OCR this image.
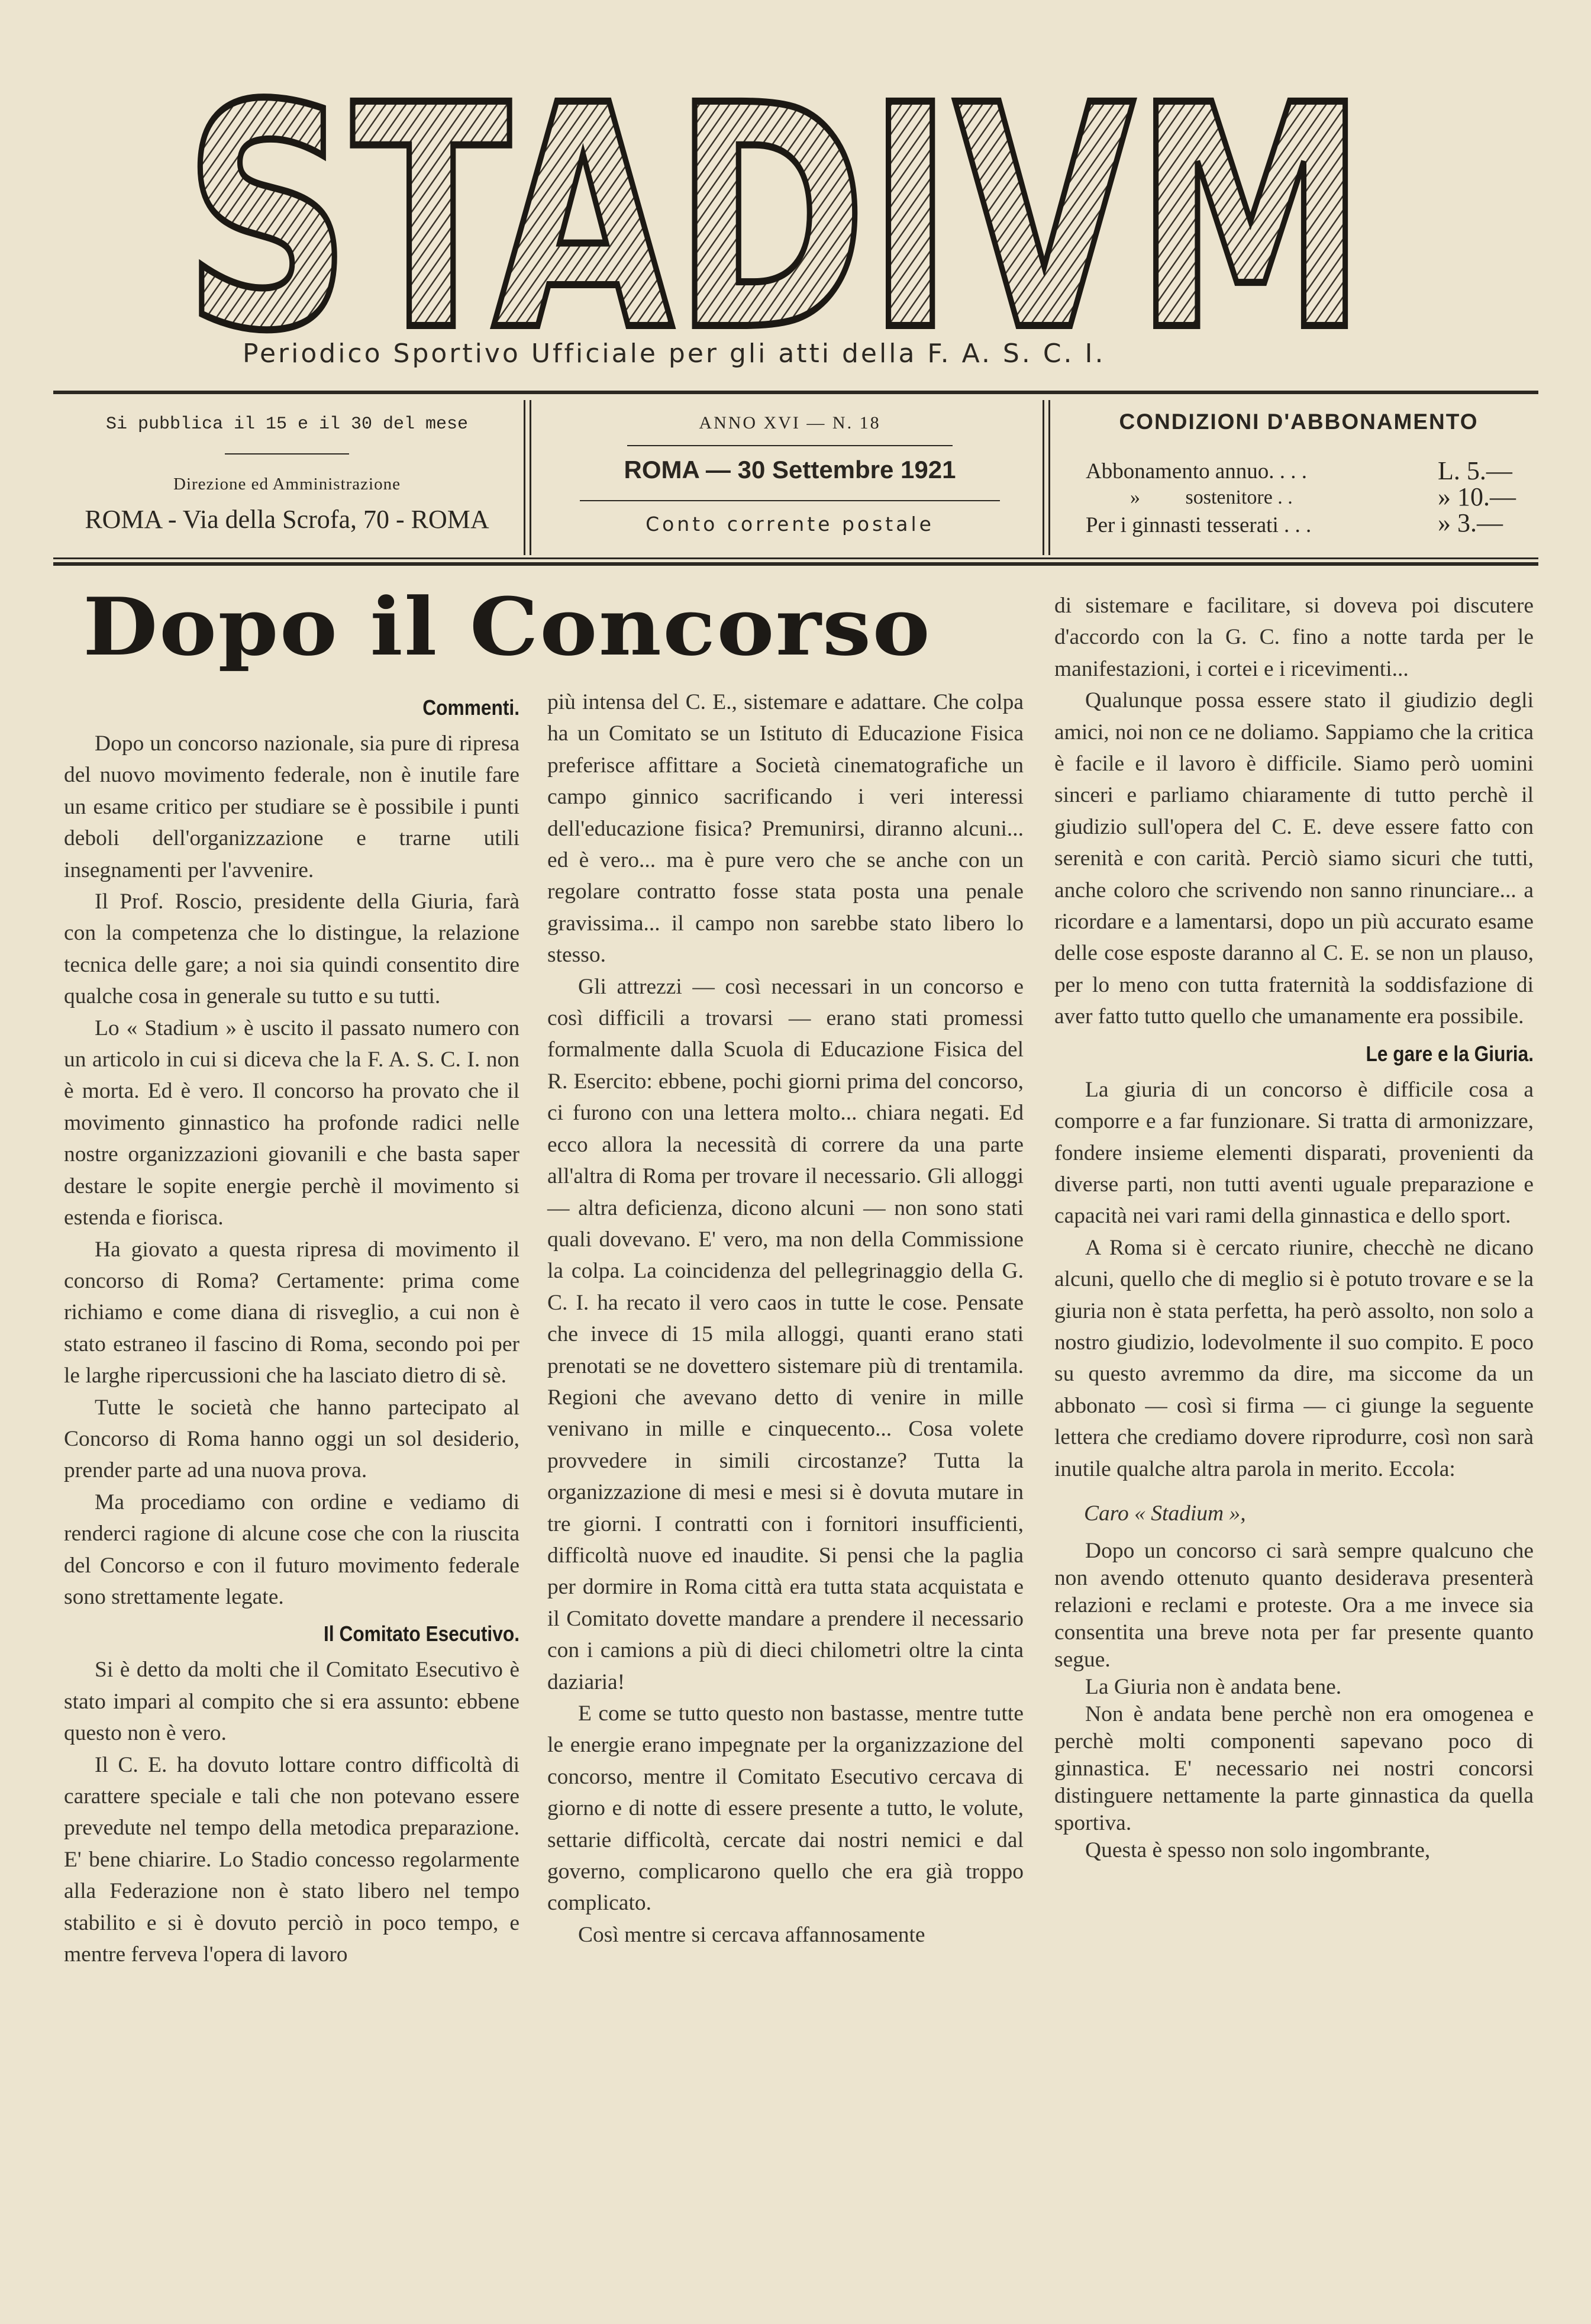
STADIVM
Periodico Sportivo Ufficiale per gli atti della F. A. S. C. I.
Si pubblica il 15 e il 30 del mese
Direzione ed Amministrazione
ROMA - Via della Scrofa, 70 - ROMA
ANNO XVI — N. 18
ROMA — 30 Settembre 1921
Conto corrente postale
CONDIZIONI D'ABBONAMENTO
Abbonamento annuo. . . .	L. 5.—
»         sostenitore . .	» 10.—
Per i ginnasti tesserati . . .	» 3.—
Dopo il Concorso
Commenti.

Dopo un concorso nazionale, sia pure di ripresa del nuovo movimento federale, non è inutile fare un esame critico per studiare se è possibile i punti deboli dell'organizzazione e trarne utili insegnamenti per l'avvenire.

Il Prof. Roscio, presidente della Giuria, farà con la competenza che lo distingue, la relazione tecnica delle gare; a noi sia quindi consentito dire qualche cosa in generale su tutto e su tutti.

Lo « Stadium » è uscito il passato numero con un articolo in cui si diceva che la F. A. S. C. I. non è morta. Ed è vero. Il concorso ha provato che il movimento ginnastico ha profonde radici nelle nostre organizzazioni giovanili e che basta saper destare le sopite energie perchè il movimento si estenda e fiorisca.

Ha giovato a questa ripresa di movimento il concorso di Roma? Certamente: prima come richiamo e come diana di risveglio, a cui non è stato estraneo il fascino di Roma, secondo poi per le larghe ripercussioni che ha lasciato dietro di sè.

Tutte le società che hanno partecipato al Concorso di Roma hanno oggi un sol desiderio, prender parte ad una nuova prova.

Ma procediamo con ordine e vediamo di renderci ragione di alcune cose che con la riuscita del Concorso e con il futuro movimento federale sono strettamente legate.

Il Comitato Esecutivo.

Si è detto da molti che il Comitato Esecutivo è stato impari al compito che si era assunto: ebbene questo non è vero.

Il C. E. ha dovuto lottare contro difficoltà di carattere speciale e tali che non potevano essere prevedute nel tempo della metodica preparazione. E' bene chiarire. Lo Stadio concesso regolarmente alla Federazione non è stato libero nel tempo stabilito e si è dovuto perciò in poco tempo, e mentre ferveva l'opera di lavoro

più intensa del C. E., sistemare e adattare. Che colpa ha un Comitato se un Istituto di Educazione Fisica preferisce affittare a Società cinematografiche un campo ginnico sacrificando i veri interessi dell'educazione fisica? Premunirsi, diranno alcuni... ed è vero... ma è pure vero che se anche con un regolare contratto fosse stata posta una penale gravissima... il campo non sarebbe stato libero lo stesso.

Gli attrezzi — così necessari in un concorso e così difficili a trovarsi — erano stati promessi formalmente dalla Scuola di Educazione Fisica del R. Esercito: ebbene, pochi giorni prima del concorso, ci furono con una lettera molto... chiara negati. Ed ecco allora la necessità di correre da una parte all'altra di Roma per trovare il necessario. Gli alloggi — altra deficienza, dicono alcuni — non sono stati quali dovevano. E' vero, ma non della Commissione la colpa. La coincidenza del pellegrinaggio della G. C. I. ha recato il vero caos in tutte le cose. Pensate che invece di 15 mila alloggi, quanti erano stati prenotati se ne dovettero sistemare più di trentamila. Regioni che avevano detto di venire in mille venivano in mille e cinquecento... Cosa volete provvedere in simili circostanze? Tutta la organizzazione di mesi e mesi si è dovuta mutare in tre giorni. I contratti con i fornitori insufficienti, difficoltà nuove ed inaudite. Si pensi che la paglia per dormire in Roma città era tutta stata acquistata e il Comitato dovette mandare a prendere il necessario con i camions a più di dieci chilometri oltre la cinta daziaria!

E come se tutto questo non bastasse, mentre tutte le energie erano impegnate per la organizzazione del concorso, mentre il Comitato Esecutivo cercava di giorno e di notte di essere presente a tutto, le volute, settarie difficoltà, cercate dai nostri nemici e dal governo, complicarono quello che era già troppo complicato.

Così mentre si cercava affannosamente

di sistemare e facilitare, si doveva poi discutere d'accordo con la G. C. fino a notte tarda per le manifestazioni, i cortei e i ricevimenti...

Qualunque possa essere stato il giudizio degli amici, noi non ce ne doliamo. Sappiamo che la critica è facile e il lavoro è difficile. Siamo però uomini sinceri e parliamo chiaramente di tutto perchè il giudizio sull'opera del C. E. deve essere fatto con serenità e con carità. Perciò siamo sicuri che tutti, anche coloro che scrivendo non sanno rinunciare... a ricordare e a lamentarsi, dopo un più accurato esame delle cose esposte daranno al C. E. se non un plauso, per lo meno con tutta fraternità la soddisfazione di aver fatto tutto quello che umanamente era possibile.

Le gare e la Giuria.

La giuria di un concorso è difficile cosa a comporre e a far funzionare. Si tratta di armonizzare, fondere insieme elementi disparati, provenienti da diverse parti, non tutti aventi uguale preparazione e capacità nei vari rami della ginnastica e dello sport.

A Roma si è cercato riunire, checchè ne dicano alcuni, quello che di meglio si è potuto trovare e se la giuria non è stata perfetta, ha però assolto, non solo a nostro giudizio, lodevolmente il suo compito. E poco su questo avremmo da dire, ma siccome da un abbonato — così si firma — ci giunge la seguente lettera che crediamo dovere riprodurre, così non sarà inutile qualche altra parola in merito. Eccola:

Caro « Stadium »,

Dopo un concorso ci sarà sempre qualcuno che non avendo ottenuto quanto desiderava presenterà relazioni e reclami e proteste. Ora a me invece sia consentita una breve nota per far presente quanto segue.

La Giuria non è andata bene.

Non è andata bene perchè non era omogenea e perchè molti componenti sapevano poco di ginnastica. E' necessario nei nostri concorsi distinguere nettamente la parte ginnastica da quella sportiva.

Questa è spesso non solo ingombrante,
